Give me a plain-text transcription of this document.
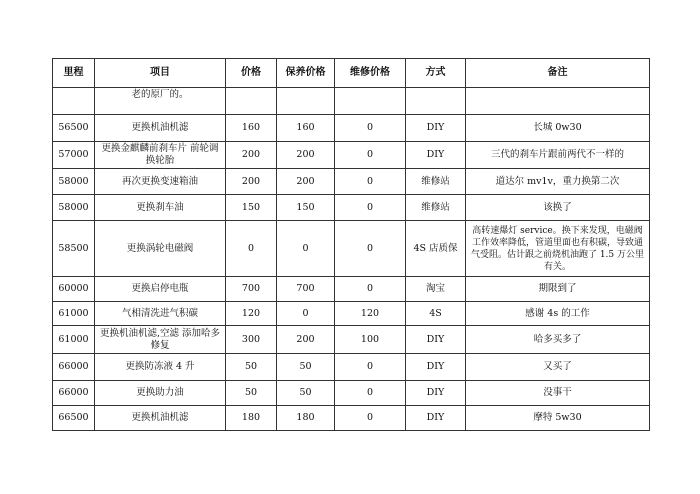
里程	项目	价格	保养价格	维修价格	方式	备注
	老的原厂的。					
56500	更换机油机滤	160	160	0	DIY	长城 0w30
57000	更换金麒麟前刹车片 前轮调换轮胎	200	200	0	DIY	三代的刹车片跟前两代不一样的
58000	再次更换变速箱油	200	200	0	维修站	道达尔 mv1v，重力换第二次
58000	更换刹车油	150	150	0	维修站	该换了
58500	更换涡轮电磁阀	0	0	0	4S 店质保	高转速爆灯 service。换下来发现，电磁阀工作效率降低，管道里面也有积碳，导致通气受阻。估计跟之前烧机油跑了 1.5 万公里有关。
60000	更换启停电瓶	700	700	0	淘宝	期限到了
61000	气相清洗进气积碳	120	0	120	4S	感谢 4s 的工作
61000	更换机油机滤,空滤 添加哈多修复	300	200	100	DIY	哈多买多了
66000	更换防冻液 4 升	50	50	0	DIY	又买了
66000	更换助力油	50	50	0	DIY	没事干
66500	更换机油机滤	180	180	0	DIY	摩特 5w30
